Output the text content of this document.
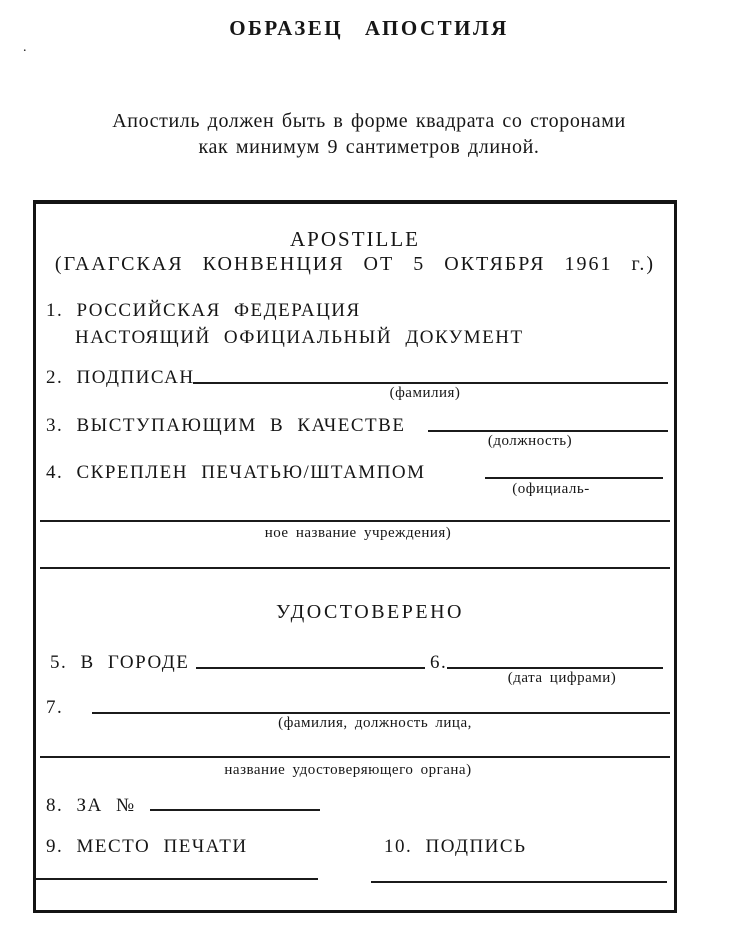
ОБРАЗЕЦ АПОСТИЛЯ
.
Апостиль должен быть в форме квадрата со сторонами
как минимум 9 сантиметров длиной.
APOSTILLE
(ГААГСКАЯ КОНВЕНЦИЯ ОТ 5 ОКТЯБРЯ 1961 г.)
1. РОССИЙСКАЯ ФЕДЕРАЦИЯ
НАСТОЯЩИЙ ОФИЦИАЛЬНЫЙ ДОКУМЕНТ
2. ПОДПИСАН
(фамилия)
3. ВЫСТУПАЮЩИМ В КАЧЕСТВЕ
(должность)
4. СКРЕПЛЕН ПЕЧАТЬЮ/ШТАМПОМ
(официаль-
ное название учреждения)
УДОСТОВЕРЕНО
5. В ГОРОДЕ	6.
(дата цифрами)
7.
(фамилия, должность лица,
название удостоверяющего органа)
8. ЗА №
9. МЕСТО ПЕЧАТИ	10. ПОДПИСЬ
